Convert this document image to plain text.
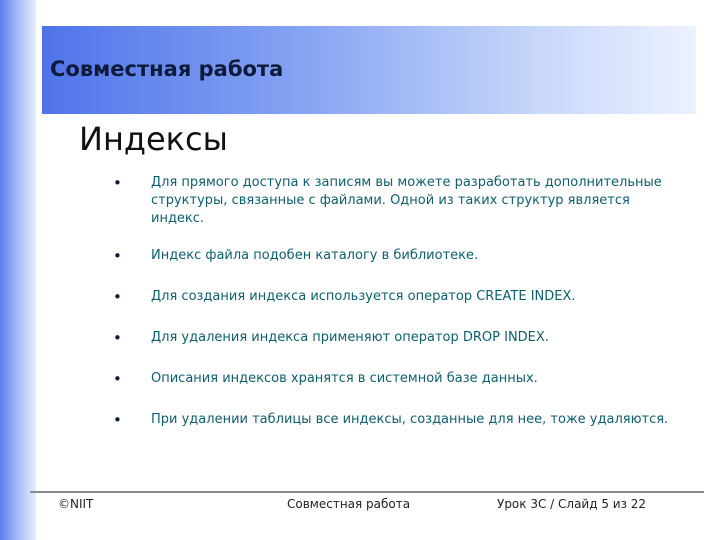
Совместная работа
Индексы
• Для прямого доступа к записям вы можете разработать дополнительные структуры, связанные с файлами. Одной из таких структур является индекс.
• Индекс файла подобен каталогу в библиотеке.
• Для создания индекса используется оператор CREATE INDEX.
• Для удаления индекса применяют оператор DROP INDEX.
• Описания индексов хранятся в системной базе данных.
• При удалении таблицы все индексы, созданные для нее, тоже удаляются.
©NIIT	Совместная работа	Урок 3C / Слайд 5 из 22
